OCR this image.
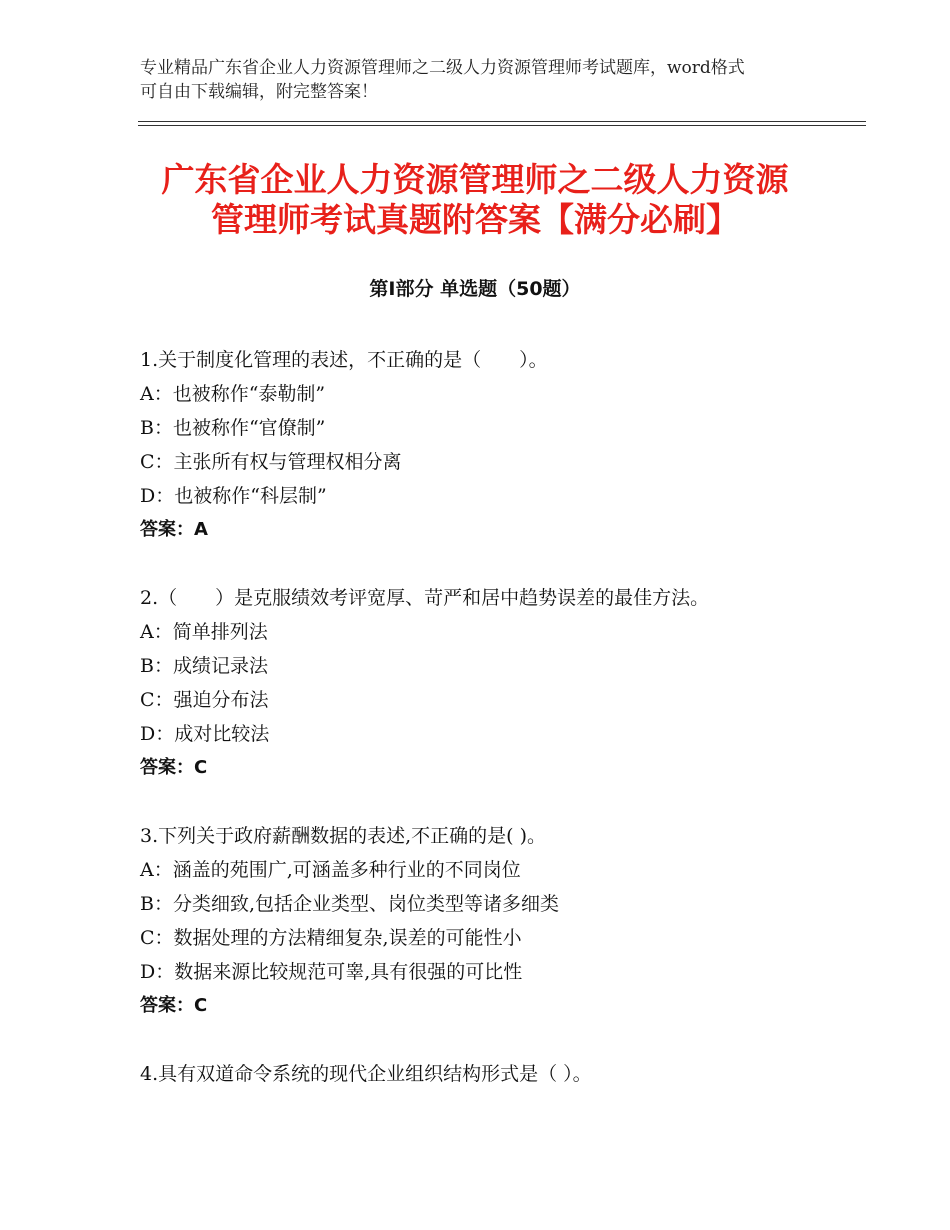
专业精品广东省企业人力资源管理师之二级人力资源管理师考试题库，word格式
可自由下载编辑，附完整答案！
广东省企业人力资源管理师之二级人力资源
管理师考试真题附答案【满分必刷】
第Ⅰ部分 单选题（50题）
1.关于制度化管理的表述，不正确的是（　　）。
A：也被称作“泰勒制”
B：也被称作“官僚制”
C：主张所有权与管理权相分离
D：也被称作“科层制”
答案：A
2.（　　）是克服绩效考评宽厚、苛严和居中趋势误差的最佳方法。
A：简单排列法
B：成绩记录法
C：强迫分布法
D：成对比较法
答案：C
3.下列关于政府薪酬数据的表述,不正确的是( )。
A：涵盖的苑围广,可涵盖多种行业的不同岗位
B：分类细致,包括企业类型、岗位类型等诸多细类
C：数据处理的方法精细复杂,误差的可能性小
D：数据来源比较规范可睾,具有很强的可比性
答案：C
4.具有双道命令系统的现代企业组织结构形式是（ ）。
